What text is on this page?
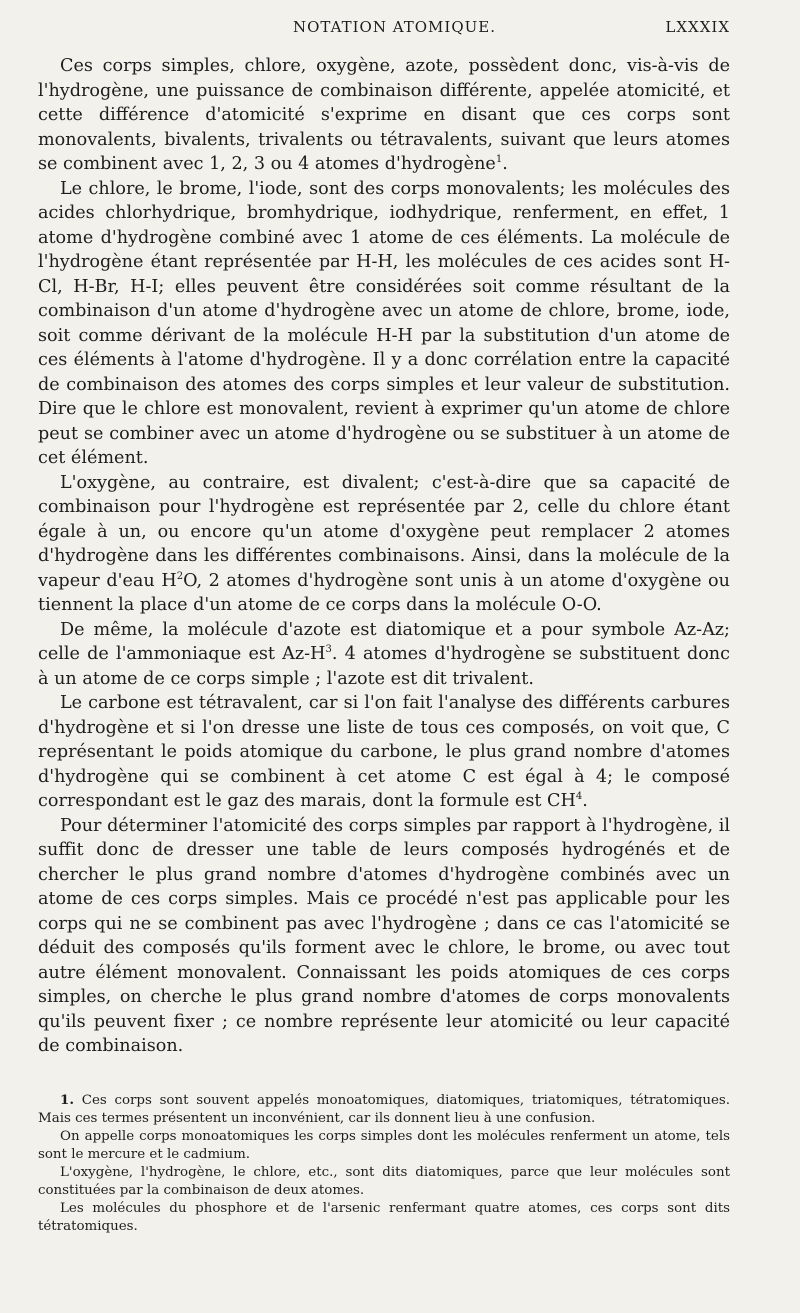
NOTATION ATOMIQUE.	LXXXIX

Ces corps simples, chlore, oxygène, azote, possèdent donc, vis-à-vis de l'hydrogène, une puissance de combinaison différente, appelée atomicité, et cette différence d'atomicité s'exprime en disant que ces corps sont monovalents, bivalents, trivalents ou tétravalents, suivant que leurs atomes se combinent avec 1, 2, 3 ou 4 atomes d'hydrogène$^1$.

Le chlore, le brome, l'iode, sont des corps monovalents; les molécules des acides chlorhydrique, bromhydrique, iodhydrique, renferment, en effet, 1 atome d'hydrogène combiné avec 1 atome de ces éléments. La molécule de l'hydrogène étant représentée par H-H, les molécules de ces acides sont H-Cl, H-Br, H-I; elles peuvent être considérées soit comme résultant de la combinaison d'un atome d'hydrogène avec un atome de chlore, brome, iode, soit comme dérivant de la molécule H-H par la substitution d'un atome de ces éléments à l'atome d'hydrogène. Il y a donc corrélation entre la capacité de combinaison des atomes des corps simples et leur valeur de substitution. Dire que le chlore est monovalent, revient à exprimer qu'un atome de chlore peut se combiner avec un atome d'hydrogène ou se substituer à un atome de cet élément.

L'oxygène, au contraire, est divalent; c'est-à-dire que sa capacité de combinaison pour l'hydrogène est représentée par 2, celle du chlore étant égale à un, ou encore qu'un atome d'oxygène peut remplacer 2 atomes d'hydrogène dans les différentes combinaisons. Ainsi, dans la molécule de la vapeur d'eau $H^2O$, 2 atomes d'hydrogène sont unis à un atome d'oxygène ou tiennent la place d'un atome de ce corps dans la molécule O-O.

De même, la molécule d'azote est diatomique et a pour symbole Az-Az; celle de l'ammoniaque est $Az-H^3$. 4 atomes d'hydrogène se substituent donc à un atome de ce corps simple ; l'azote est dit trivalent.

Le carbone est tétravalent, car si l'on fait l'analyse des différents carbures d'hydrogène et si l'on dresse une liste de tous ces composés, on voit que, C représentant le poids atomique du carbone, le plus grand nombre d'atomes d'hydrogène qui se combinent à cet atome C est égal à 4; le composé correspondant est le gaz des marais, dont la formule est $CH^4$.

Pour déterminer l'atomicité des corps simples par rapport à l'hydrogène, il suffit donc de dresser une table de leurs composés hydrogénés et de chercher le plus grand nombre d'atomes d'hydrogène combinés avec un atome de ces corps simples. Mais ce procédé n'est pas applicable pour les corps qui ne se combinent pas avec l'hydrogène ; dans ce cas l'atomicité se déduit des composés qu'ils forment avec le chlore, le brome, ou avec tout autre élément monovalent. Connaissant les poids atomiques de ces corps simples, on cherche le plus grand nombre d'atomes de corps monovalents qu'ils peuvent fixer ; ce nombre représente leur atomicité ou leur capacité de combinaison.

1. Ces corps sont souvent appelés monoatomiques, diatomiques, triatomiques, tétratomiques. Mais ces termes présentent un inconvénient, car ils donnent lieu à une confusion.

On appelle corps monoatomiques les corps simples dont les molécules renferment un atome, tels sont le mercure et le cadmium.

L'oxygène, l'hydrogène, le chlore, etc., sont dits diatomiques, parce que leur molécules sont constituées par la combinaison de deux atomes.

Les molécules du phosphore et de l'arsenic renfermant quatre atomes, ces corps sont dits tétratomiques.
